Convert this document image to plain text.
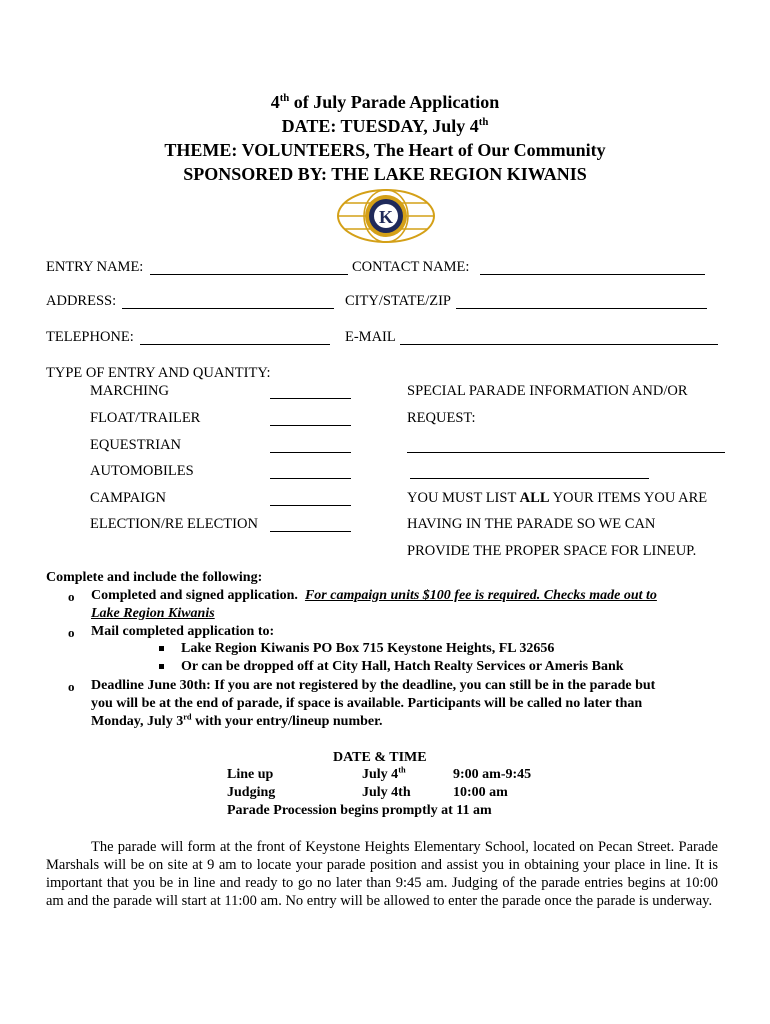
4th of July Parade Application
DATE: TUESDAY, July 4th
THEME: VOLUNTEERS, The Heart of Our Community
SPONSORED BY: THE LAKE REGION KIWANIS
K
ENTRY NAME:	CONTACT NAME:
ADDRESS:	CITY/STATE/ZIP
TELEPHONE:	E-MAIL
TYPE OF ENTRY AND QUANTITY:
MARCHING
FLOAT/TRAILER
EQUESTRIAN
AUTOMOBILES
CAMPAIGN
ELECTION/RE ELECTION
SPECIAL PARADE INFORMATION AND/OR
REQUEST:
YOU MUST LIST ALL YOUR ITEMS YOU ARE
HAVING IN THE PARADE SO WE CAN
PROVIDE THE PROPER SPACE FOR LINEUP.
Complete and include the following:
o Completed and signed application. For campaign units $100 fee is required. Checks made out to
Lake Region Kiwanis
o Mail completed application to:
Lake Region Kiwanis PO Box 715 Keystone Heights, FL 32656
Or can be dropped off at City Hall, Hatch Realty Services or Ameris Bank
o Deadline June 30th: If you are not registered by the deadline, you can still be in the parade but
you will be at the end of parade, if space is available. Participants will be called no later than
Monday, July 3rd with your entry/lineup number.
DATE & TIME
Line up	July 4th	9:00 am-9:45
Judging	July 4th	10:00 am
Parade Procession begins promptly at 11 am
The parade will form at the front of Keystone Heights Elementary School, located on Pecan Street. Parade Marshals will be on site at 9 am to locate your parade position and assist you in obtaining your place in line. It is important that you be in line and ready to go no later than 9:45 am. Judging of the parade entries begins at 10:00 am and the parade will start at 11:00 am. No entry will be allowed to enter the parade once the parade is underway.
